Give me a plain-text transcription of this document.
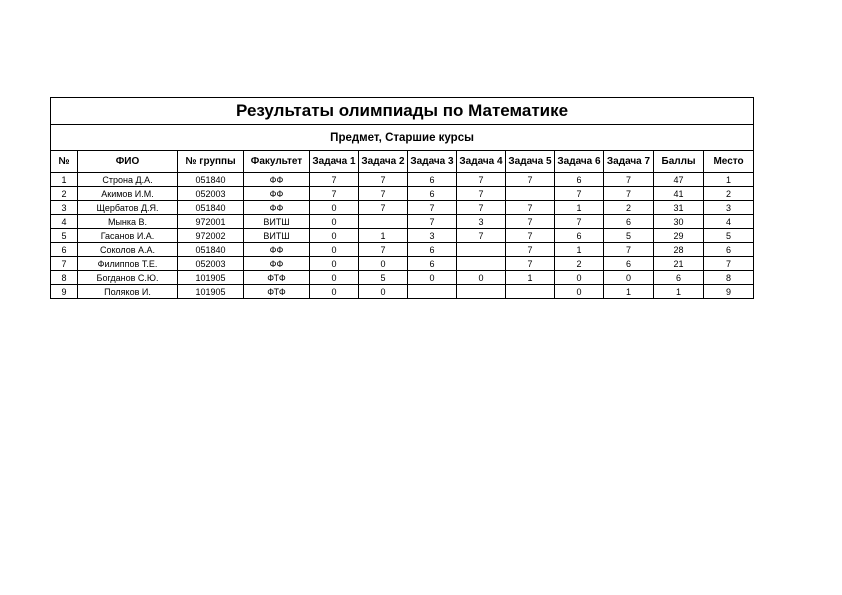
Результаты олимпиады по Математике												
Предмет, Старшие курсы												
№	ФИО	№ группы	Факультет	Задача 1	Задача 2	Задача 3	Задача 4	Задача 5	Задача 6	Задача 7	Баллы	Место
1	Строна Д.А.	051840	ФФ	7	7	6	7	7	6	7	47	1
2	Акимов И.М.	052003	ФФ	7	7	6	7		7	7	41	2
3	Щербатов Д.Я.	051840	ФФ	0	7	7	7	7	1	2	31	3
4	Мынка В.	972001	ВИТШ	0		7	3	7	7	6	30	4
5	Гасанов И.А.	972002	ВИТШ	0	1	3	7	7	6	5	29	5
6	Соколов А.А.	051840	ФФ	0	7	6		7	1	7	28	6
7	Филиппов Т.Е.	052003	ФФ	0	0	6		7	2	6	21	7
8	Богданов С.Ю.	101905	ФТФ	0	5	0	0	1	0	0	6	8
9	Поляков И.	101905	ФТФ	0	0				0	1	1	9
